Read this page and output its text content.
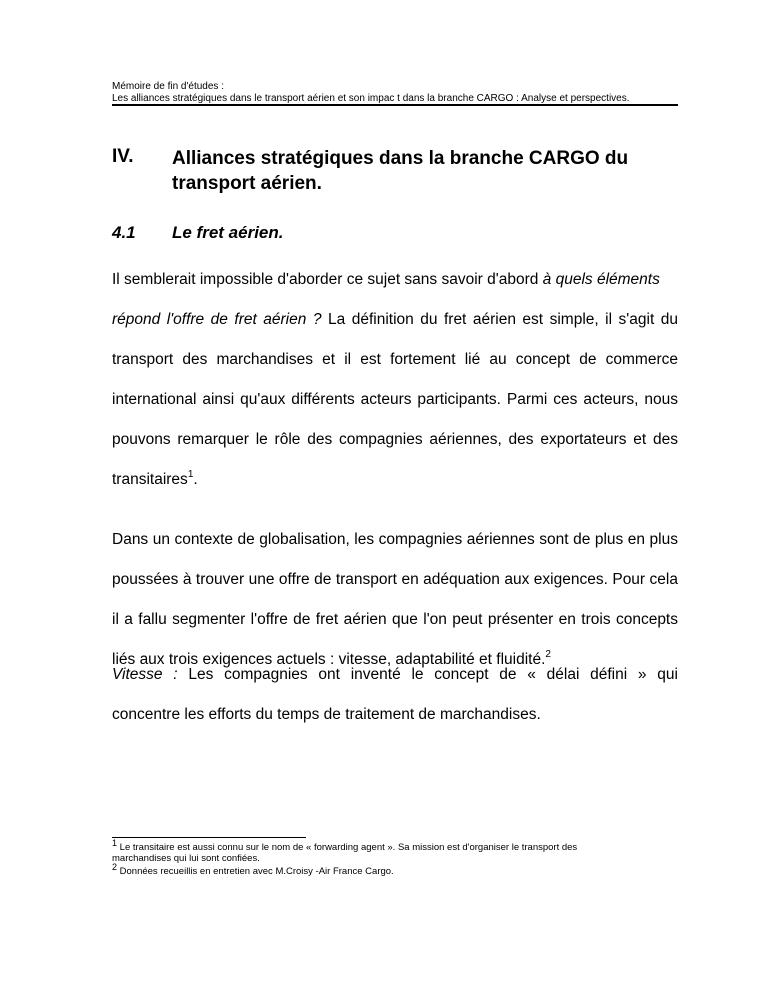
Mémoire de fin d'études :
Les alliances stratégiques dans le transport aérien et son impac t dans la branche CARGO : Analyse et perspectives.
IV. Alliances stratégiques dans la branche CARGO du
transport aérien.
4.1 Le fret aérien.
Il semblerait impossible d'aborder ce sujet sans savoir d'abord à quels éléments
répond l'offre de fret aérien ? La définition du fret aérien est simple, il s'agit du
transport des marchandises et il est fortement lié au concept de commerce
international ainsi qu'aux différents acteurs participants. Parmi ces acteurs, nous
pouvons remarquer le rôle des compagnies aériennes, des exportateurs et des
transitaires$^1$.
Dans un contexte de globalisation, les compagnies aériennes sont de plus en plus
poussées à trouver une offre de transport en adéquation aux exigences. Pour cela
il a fallu segmenter l'offre de fret aérien que l'on peut présenter en trois concepts
liés aux trois exigences actuels : vitesse, adaptabilité et fluidité.$^2$
Vitesse : Les compagnies ont inventé le concept de « délai défini » qui
concentre les efforts du temps de traitement de marchandises.
$^1$ Le transitaire est aussi connu sur le nom de « forwarding agent ». Sa mission est d'organiser le transport des
marchandises qui lui sont confiées.
$^2$ Données recueillis en entretien avec M.Croisy -Air France Cargo.
